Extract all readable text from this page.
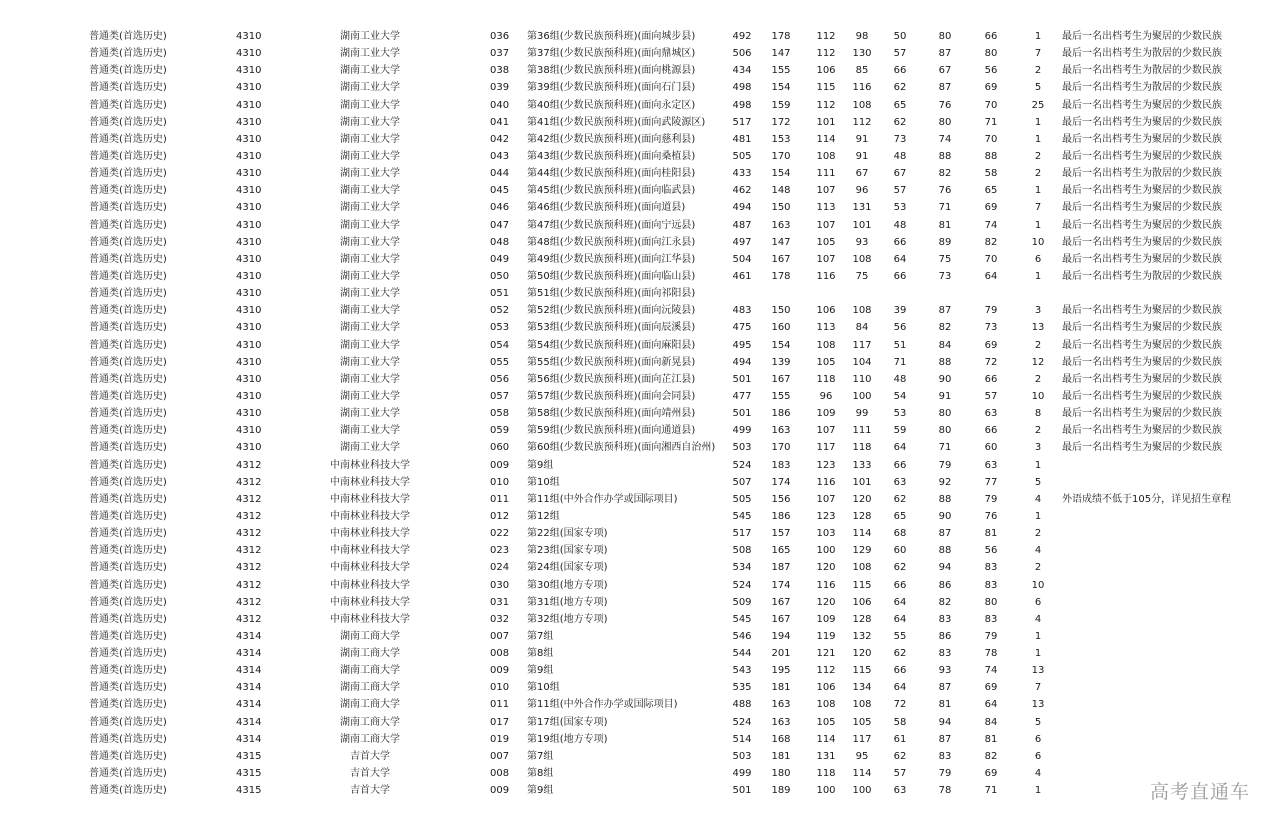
普通类(首选历史)	4310	湖南工业大学	036 第36组(少数民族预科班)(面向城步县)	492	178	112	98	50	80	66	1	最后一名出档考生为聚居的少数民族
普通类(首选历史)	4310	湖南工业大学	037 第37组(少数民族预科班)(面向鼎城区)	506	147	112	130	57	87	80	7	最后一名出档考生为散居的少数民族
普通类(首选历史)	4310	湖南工业大学	038 第38组(少数民族预科班)(面向桃源县)	434	155	106	85	66	67	56	2	最后一名出档考生为散居的少数民族
普通类(首选历史)	4310	湖南工业大学	039 第39组(少数民族预科班)(面向石门县)	498	154	115	116	62	87	69	5	最后一名出档考生为散居的少数民族
普通类(首选历史)	4310	湖南工业大学	040 第40组(少数民族预科班)(面向永定区)	498	159	112	108	65	76	70	25	最后一名出档考生为聚居的少数民族
普通类(首选历史)	4310	湖南工业大学	041 第41组(少数民族预科班)(面向武陵源区)	517	172	101	112	62	80	71	1	最后一名出档考生为聚居的少数民族
普通类(首选历史)	4310	湖南工业大学	042 第42组(少数民族预科班)(面向慈利县)	481	153	114	91	73	74	70	1	最后一名出档考生为聚居的少数民族
普通类(首选历史)	4310	湖南工业大学	043 第43组(少数民族预科班)(面向桑植县)	505	170	108	91	48	88	88	2	最后一名出档考生为聚居的少数民族
普通类(首选历史)	4310	湖南工业大学	044 第44组(少数民族预科班)(面向桂阳县)	433	154	111	67	67	82	58	2	最后一名出档考生为散居的少数民族
普通类(首选历史)	4310	湖南工业大学	045 第45组(少数民族预科班)(面向临武县)	462	148	107	96	57	76	65	1	最后一名出档考生为聚居的少数民族
普通类(首选历史)	4310	湖南工业大学	046 第46组(少数民族预科班)(面向道县)	494	150	113	131	53	71	69	7	最后一名出档考生为聚居的少数民族
普通类(首选历史)	4310	湖南工业大学	047 第47组(少数民族预科班)(面向宁远县)	487	163	107	101	48	81	74	1	最后一名出档考生为聚居的少数民族
普通类(首选历史)	4310	湖南工业大学	048 第48组(少数民族预科班)(面向江永县)	497	147	105	93	66	89	82	10	最后一名出档考生为聚居的少数民族
普通类(首选历史)	4310	湖南工业大学	049 第49组(少数民族预科班)(面向江华县)	504	167	107	108	64	75	70	6	最后一名出档考生为聚居的少数民族
普通类(首选历史)	4310	湖南工业大学	050 第50组(少数民族预科班)(面向临山县)	461	178	116	75	66	73	64	1	最后一名出档考生为散居的少数民族
普通类(首选历史)	4310	湖南工业大学	051 第51组(少数民族预科班)(面向祁阳县)
普通类(首选历史)	4310	湖南工业大学	052 第52组(少数民族预科班)(面向沅陵县)	483	150	106	108	39	87	79	3	最后一名出档考生为聚居的少数民族
普通类(首选历史)	4310	湖南工业大学	053 第53组(少数民族预科班)(面向辰溪县)	475	160	113	84	56	82	73	13	最后一名出档考生为聚居的少数民族
普通类(首选历史)	4310	湖南工业大学	054 第54组(少数民族预科班)(面向麻阳县)	495	154	108	117	51	84	69	2	最后一名出档考生为聚居的少数民族
普通类(首选历史)	4310	湖南工业大学	055 第55组(少数民族预科班)(面向新晃县)	494	139	105	104	71	88	72	12	最后一名出档考生为聚居的少数民族
普通类(首选历史)	4310	湖南工业大学	056 第56组(少数民族预科班)(面向芷江县)	501	167	118	110	48	90	66	2	最后一名出档考生为聚居的少数民族
普通类(首选历史)	4310	湖南工业大学	057 第57组(少数民族预科班)(面向会同县)	477	155	96	100	54	91	57	10	最后一名出档考生为聚居的少数民族
普通类(首选历史)	4310	湖南工业大学	058 第58组(少数民族预科班)(面向靖州县)	501	186	109	99	53	80	63	8	最后一名出档考生为聚居的少数民族
普通类(首选历史)	4310	湖南工业大学	059 第59组(少数民族预科班)(面向通道县)	499	163	107	111	59	80	66	2	最后一名出档考生为聚居的少数民族
普通类(首选历史)	4310	湖南工业大学	060 第60组(少数民族预科班)(面向湘西自治州)	503	170	117	118	64	71	60	3	最后一名出档考生为聚居的少数民族
普通类(首选历史)	4312	中南林业科技大学	009 第9组	524	183	123	133	66	79	63	1
普通类(首选历史)	4312	中南林业科技大学	010 第10组	507	174	116	101	63	92	77	5
普通类(首选历史)	4312	中南林业科技大学	011 第11组(中外合作办学或国际项目)	505	156	107	120	62	88	79	4	外语成绩不低于105分，详见招生章程
普通类(首选历史)	4312	中南林业科技大学	012 第12组	545	186	123	128	65	90	76	1
普通类(首选历史)	4312	中南林业科技大学	022 第22组(国家专项)	517	157	103	114	68	87	81	2
普通类(首选历史)	4312	中南林业科技大学	023 第23组(国家专项)	508	165	100	129	60	88	56	4
普通类(首选历史)	4312	中南林业科技大学	024 第24组(国家专项)	534	187	120	108	62	94	83	2
普通类(首选历史)	4312	中南林业科技大学	030 第30组(地方专项)	524	174	116	115	66	86	83	10
普通类(首选历史)	4312	中南林业科技大学	031 第31组(地方专项)	509	167	120	106	64	82	80	6
普通类(首选历史)	4312	中南林业科技大学	032 第32组(地方专项)	545	167	109	128	64	83	83	4
普通类(首选历史)	4314	湖南工商大学	007 第7组	546	194	119	132	55	86	79	1
普通类(首选历史)	4314	湖南工商大学	008 第8组	544	201	121	120	62	83	78	1
普通类(首选历史)	4314	湖南工商大学	009 第9组	543	195	112	115	66	93	74	13
普通类(首选历史)	4314	湖南工商大学	010 第10组	535	181	106	134	64	87	69	7
普通类(首选历史)	4314	湖南工商大学	011 第11组(中外合作办学或国际项目)	488	163	108	108	72	81	64	13
普通类(首选历史)	4314	湖南工商大学	017 第17组(国家专项)	524	163	105	105	58	94	84	5
普通类(首选历史)	4314	湖南工商大学	019 第19组(地方专项)	514	168	114	117	61	87	81	6
普通类(首选历史)	4315	吉首大学	007 第7组	503	181	131	95	62	83	82	6
普通类(首选历史)	4315	吉首大学	008 第8组	499	180	118	114	57	79	69	4
普通类(首选历史)	4315	吉首大学	009 第9组	501	189	100	100	63	78	71	1	高考直通车
